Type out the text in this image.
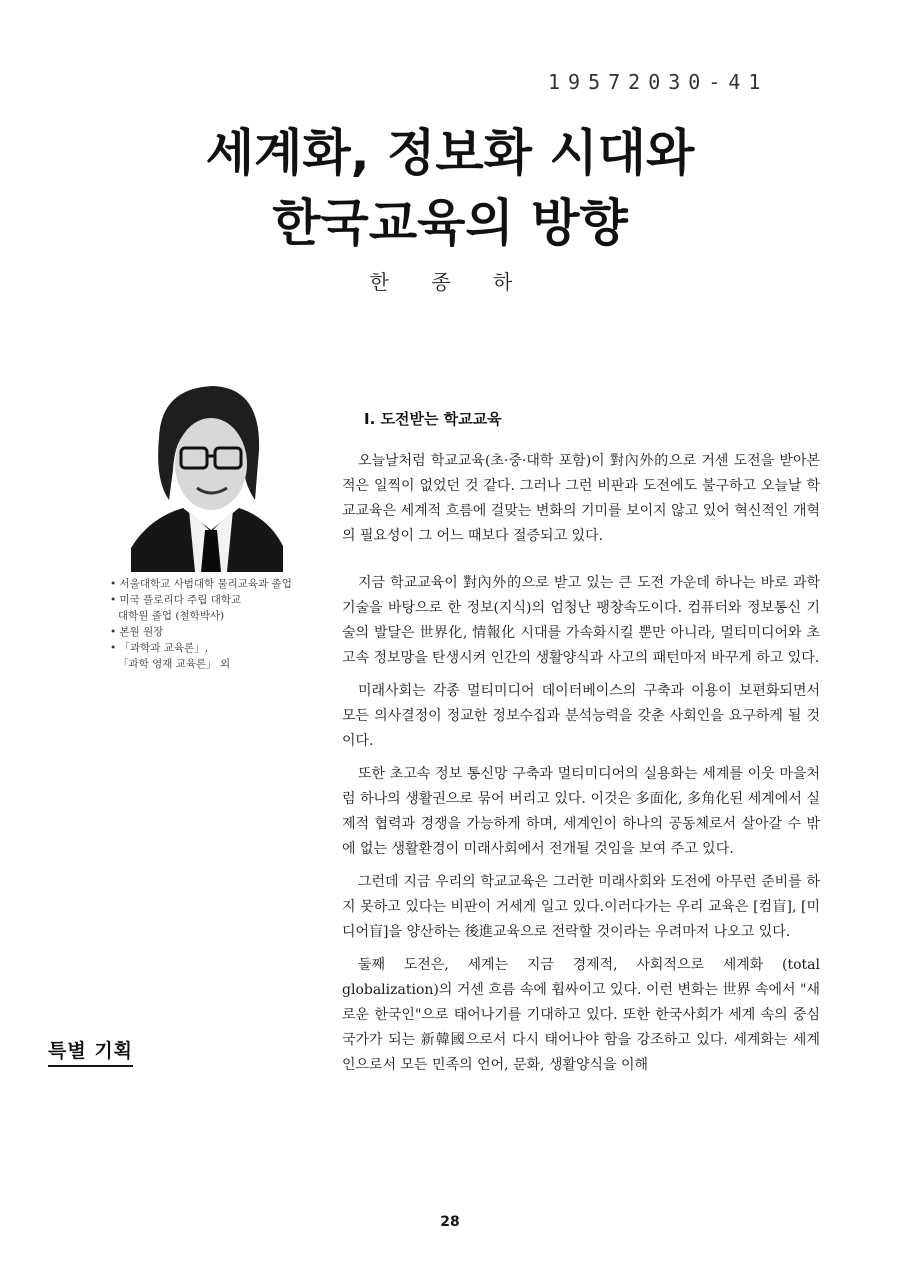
19572030-41
세계화, 정보화 시대와
한국교육의 방향
한 종 하
• 서울대학교 사범대학 물리교육과 졸업
• 미국 플로리다 주립 대학교
대학원 졸업 (철학박사)
• 본원 원장
• 「과학과 교육론」,
「과학 영재 교육론」 외
특별 기획
Ⅰ. 도전받는 학교교육

오늘날처럼 학교교육(초·중·대학 포함)이 對內外的으로 거센 도전을 받아본 적은 일찍이 없었던 것 같다. 그러나 그런 비판과 도전에도 불구하고 오늘날 학교교육은 세계적 흐름에 걸맞는 변화의 기미를 보이지 않고 있어 혁신적인 개혁의 필요성이 그 어느 때보다 절증되고 있다.

지금 학교교육이 對內外的으로 받고 있는 큰 도전 가운데 하나는 바로 과학기술을 바탕으로 한 정보(지식)의 엄청난 팽창속도이다. 컴퓨터와 정보통신 기술의 발달은 世界化, 情報化 시대를 가속화시킬 뿐만 아니라, 멀티미디어와 초고속 정보망을 탄생시켜 인간의 생활양식과 사고의 패턴마저 바꾸게 하고 있다.

미래사회는 각종 멀티미디어 데이터베이스의 구축과 이용이 보편화되면서 모든 의사결정이 정교한 정보수집과 분석능력을 갖춘 사회인을 요구하게 될 것이다.

또한 초고속 정보 통신망 구축과 멀티미디어의 실용화는 세계를 이웃 마을처럼 하나의 생활권으로 묶어 버리고 있다. 이것은 多面化, 多角化된 세계에서 실제적 협력과 경쟁을 가능하게 하며, 세계인이 하나의 공동체로서 살아갈 수 밖에 없는 생활환경이 미래사회에서 전개될 것임을 보여 주고 있다.

그런데 지금 우리의 학교교육은 그러한 미래사회와 도전에 아무런 준비를 하지 못하고 있다는 비판이 거세게 일고 있다.이러다가는 우리 교육은 [컴盲], [미디어盲]을 양산하는 後進교육으로 전락할 것이라는 우려마저 나오고 있다.

둘째 도전은, 세계는 지금 경제적, 사회적으로 세계화 (total globalization)의 거센 흐름 속에 휩싸이고 있다. 이런 변화는 世界 속에서 "새로운 한국인"으로 태어나기를 기대하고 있다. 또한 한국사회가 세계 속의 중심국가가 되는 新韓國으로서 다시 태어나야 함을 강조하고 있다. 세계화는 세계인으로서 모든 민족의 언어, 문화, 생활양식을 이해

28
